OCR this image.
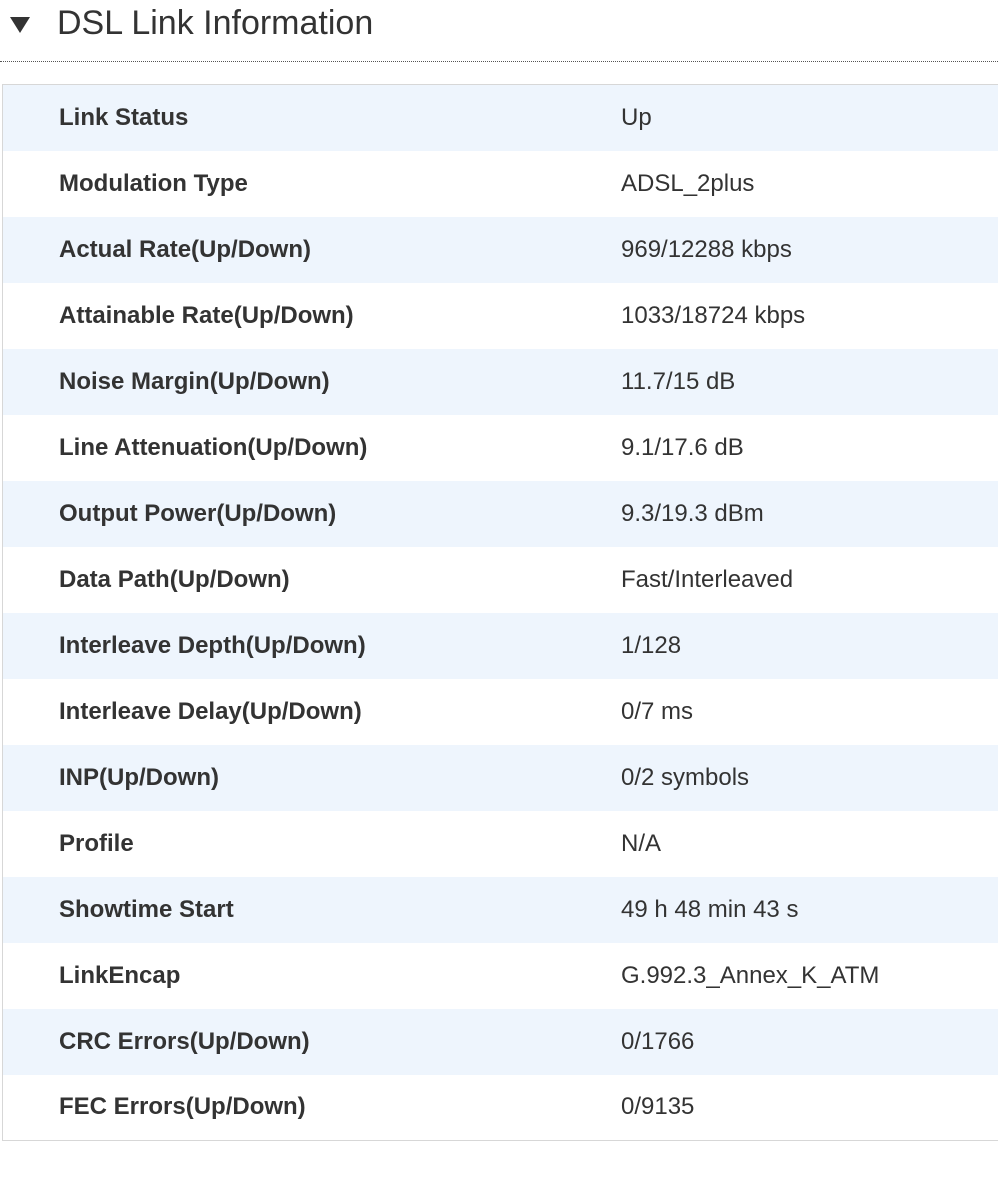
DSL Link Information
Link Status	Up
Modulation Type	ADSL_2plus
Actual Rate(Up/Down)	969/12288 kbps
Attainable Rate(Up/Down)	1033/18724 kbps
Noise Margin(Up/Down)	11.7/15 dB
Line Attenuation(Up/Down)	9.1/17.6 dB
Output Power(Up/Down)	9.3/19.3 dBm
Data Path(Up/Down)	Fast/Interleaved
Interleave Depth(Up/Down)	1/128
Interleave Delay(Up/Down)	0/7 ms
INP(Up/Down)	0/2 symbols
Profile	N/A
Showtime Start	49 h 48 min 43 s
LinkEncap	G.992.3_Annex_K_ATM
CRC Errors(Up/Down)	0/1766
FEC Errors(Up/Down)	0/9135
